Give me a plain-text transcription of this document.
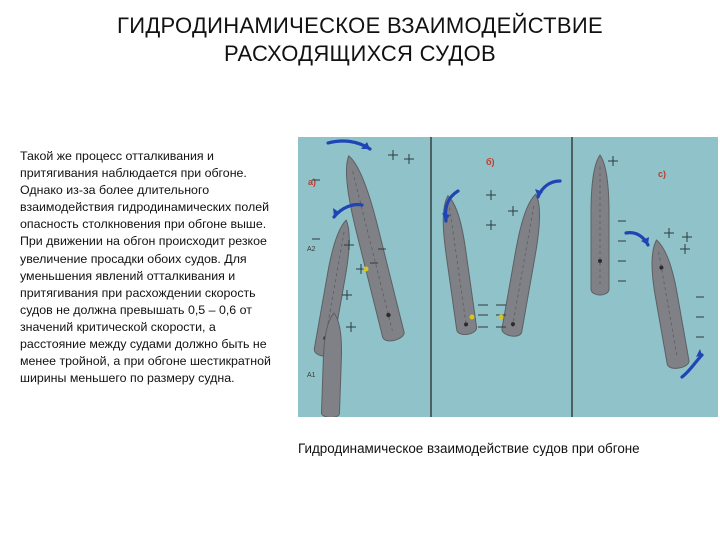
ГИДРОДИНАМИЧЕСКОЕ ВЗАИМОДЕЙСТВИЕ
РАСХОДЯЩИХСЯ СУДОВ
Такой же процесс отталкивания и притягивания наблюдается при обгоне. Однако из-за более длительного взаимодействия гидродинамических полей опасность столкновения при обгоне выше. При движении на обгон происходит резкое увеличение просадки обоих судов. Для уменьшения явлений отталкивания и притягивания при расхождении скорость судов не должна превышать 0,5 – 0,6 от значений критической скорости, а расстояние между судами должно быть не менее тройной, а при обгоне шестикратной ширины меньшего по размеру судна.
а)
б)
с)
A2
A1
Гидродинамическое взаимодействие судов при обгоне
